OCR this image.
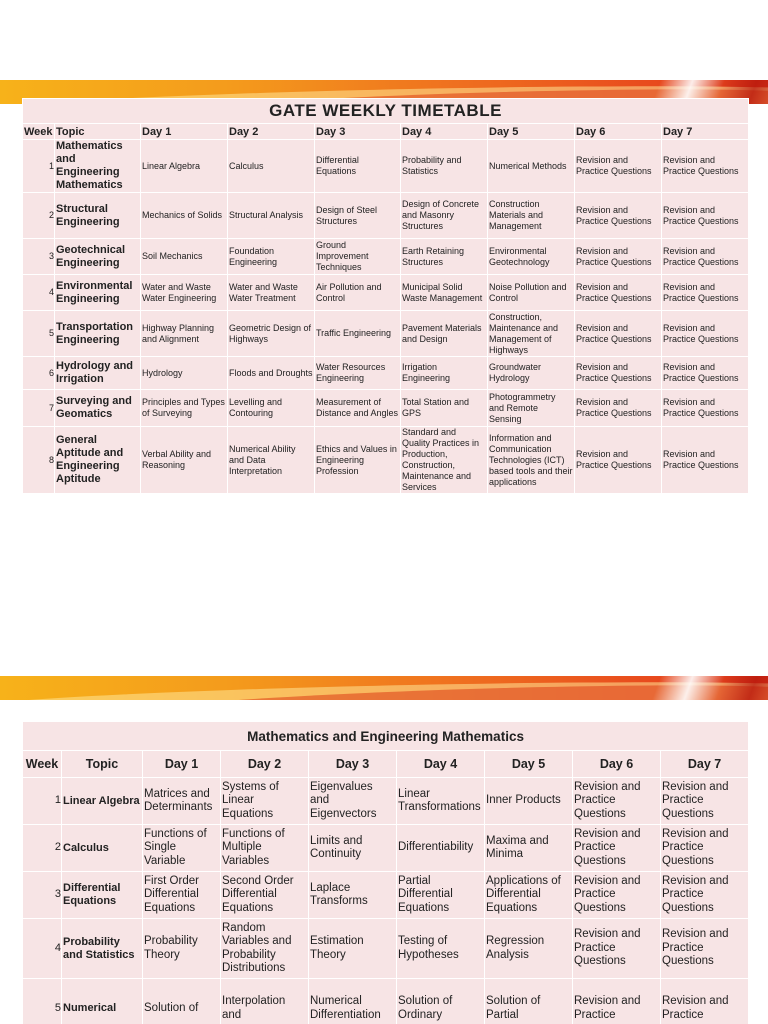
GATE WEEKLY TIMETABLE								
Week	Topic	Day 1	Day 2	Day 3	Day 4	Day 5	Day 6	Day 7
1	Mathematics and Engineering Mathematics	Linear Algebra	Calculus	Differential Equations	Probability and Statistics	Numerical Methods	Revision and Practice Questions	Revision and Practice Questions
2	Structural Engineering	Mechanics of Solids	Structural Analysis	Design of Steel Structures	Design of Concrete and Masonry Structures	Construction Materials and Management	Revision and Practice Questions	Revision and Practice Questions
3	Geotechnical Engineering	Soil Mechanics	Foundation Engineering	Ground Improvement Techniques	Earth Retaining Structures	Environmental Geotechnology	Revision and Practice Questions	Revision and Practice Questions
4	Environmental Engineering	Water and Waste Water Engineering	Water and Waste Water Treatment	Air Pollution and Control	Municipal Solid Waste Management	Noise Pollution and Control	Revision and Practice Questions	Revision and Practice Questions
5	Transportation Engineering	Highway Planning and Alignment	Geometric Design of Highways	Traffic Engineering	Pavement Materials and Design	Construction, Maintenance and Management of Highways	Revision and Practice Questions	Revision and Practice Questions
6	Hydrology and Irrigation	Hydrology	Floods and Droughts	Water Resources Engineering	Irrigation Engineering	Groundwater Hydrology	Revision and Practice Questions	Revision and Practice Questions
7	Surveying and Geomatics	Principles and Types of Surveying	Levelling and Contouring	Measurement of Distance and Angles	Total Station and GPS	Photogrammetry and Remote Sensing	Revision and Practice Questions	Revision and Practice Questions
8	General Aptitude and Engineering Aptitude	Verbal Ability and Reasoning	Numerical Ability and Data Interpretation	Ethics and Values in Engineering Profession	Standard and Quality Practices in Production, Construction, Maintenance and Services	Information and Communication Technologies (ICT) based tools and their applications	Revision and Practice Questions	Revision and Practice Questions
Mathematics and Engineering Mathematics								
Week	Topic	Day 1	Day 2	Day 3	Day 4	Day 5	Day 6	Day 7
1	Linear Algebra	Matrices and Determinants	Systems of Linear Equations	Eigenvalues and Eigenvectors	Linear Transformations	Inner Products	Revision and Practice Questions	Revision and Practice Questions
2	Calculus	Functions of Single Variable	Functions of Multiple Variables	Limits and Continuity	Differentiability	Maxima and Minima	Revision and Practice Questions	Revision and Practice Questions
3	Differential Equations	First Order Differential Equations	Second Order Differential Equations	Laplace Transforms	Partial Differential Equations	Applications of Differential Equations	Revision and Practice Questions	Revision and Practice Questions
4	Probability and Statistics	Probability Theory	Random Variables and Probability Distributions	Estimation Theory	Testing of Hypotheses	Regression Analysis	Revision and Practice Questions	Revision and Practice Questions
5	Numerical	Solution of	Interpolation and	Numerical Differentiation	Solution of Ordinary	Solution of Partial	Revision and Practice	Revision and Practice
